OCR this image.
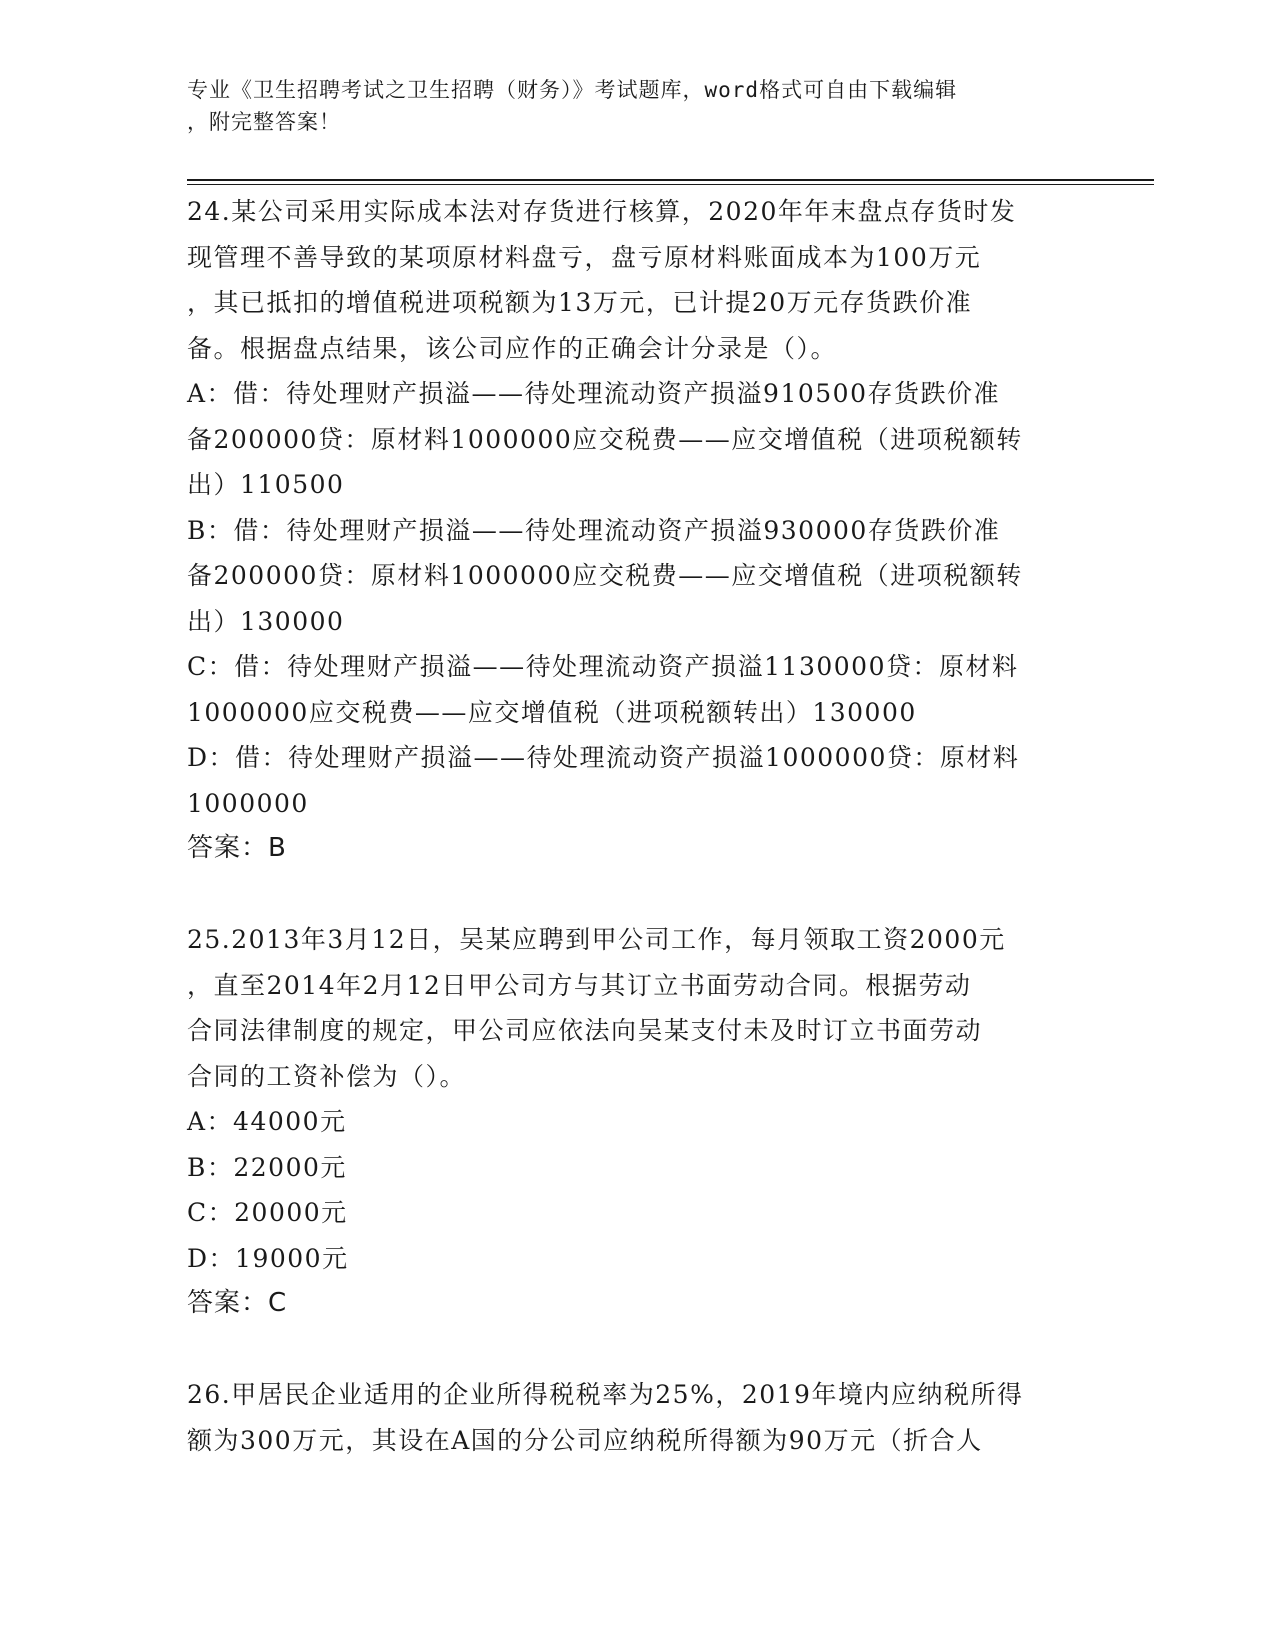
专业《卫生招聘考试之卫生招聘（财务）》考试题库，word格式可自由下载编辑
，附完整答案！
24.某公司采用实际成本法对存货进行核算，2020年年末盘点存货时发
现管理不善导致的某项原材料盘亏，盘亏原材料账面成本为100万元
，其已抵扣的增值税进项税额为13万元，已计提20万元存货跌价准
备。根据盘点结果，该公司应作的正确会计分录是（）。
A：借：待处理财产损溢——待处理流动资产损溢910500存货跌价准
备200000贷：原材料1000000应交税费——应交增值税（进项税额转
出）110500
B：借：待处理财产损溢——待处理流动资产损溢930000存货跌价准
备200000贷：原材料1000000应交税费——应交增值税（进项税额转
出）130000
C：借：待处理财产损溢——待处理流动资产损溢1130000贷：原材料
1000000应交税费——应交增值税（进项税额转出）130000
D：借：待处理财产损溢——待处理流动资产损溢1000000贷：原材料
1000000
答案：B
25.2013年3月12日，吴某应聘到甲公司工作，每月领取工资2000元
，直至2014年2月12日甲公司方与其订立书面劳动合同。根据劳动
合同法律制度的规定，甲公司应依法向吴某支付未及时订立书面劳动
合同的工资补偿为（）。
A：44000元
B：22000元
C：20000元
D：19000元
答案：C
26.甲居民企业适用的企业所得税税率为25%，2019年境内应纳税所得
额为300万元，其设在A国的分公司应纳税所得额为90万元（折合人
